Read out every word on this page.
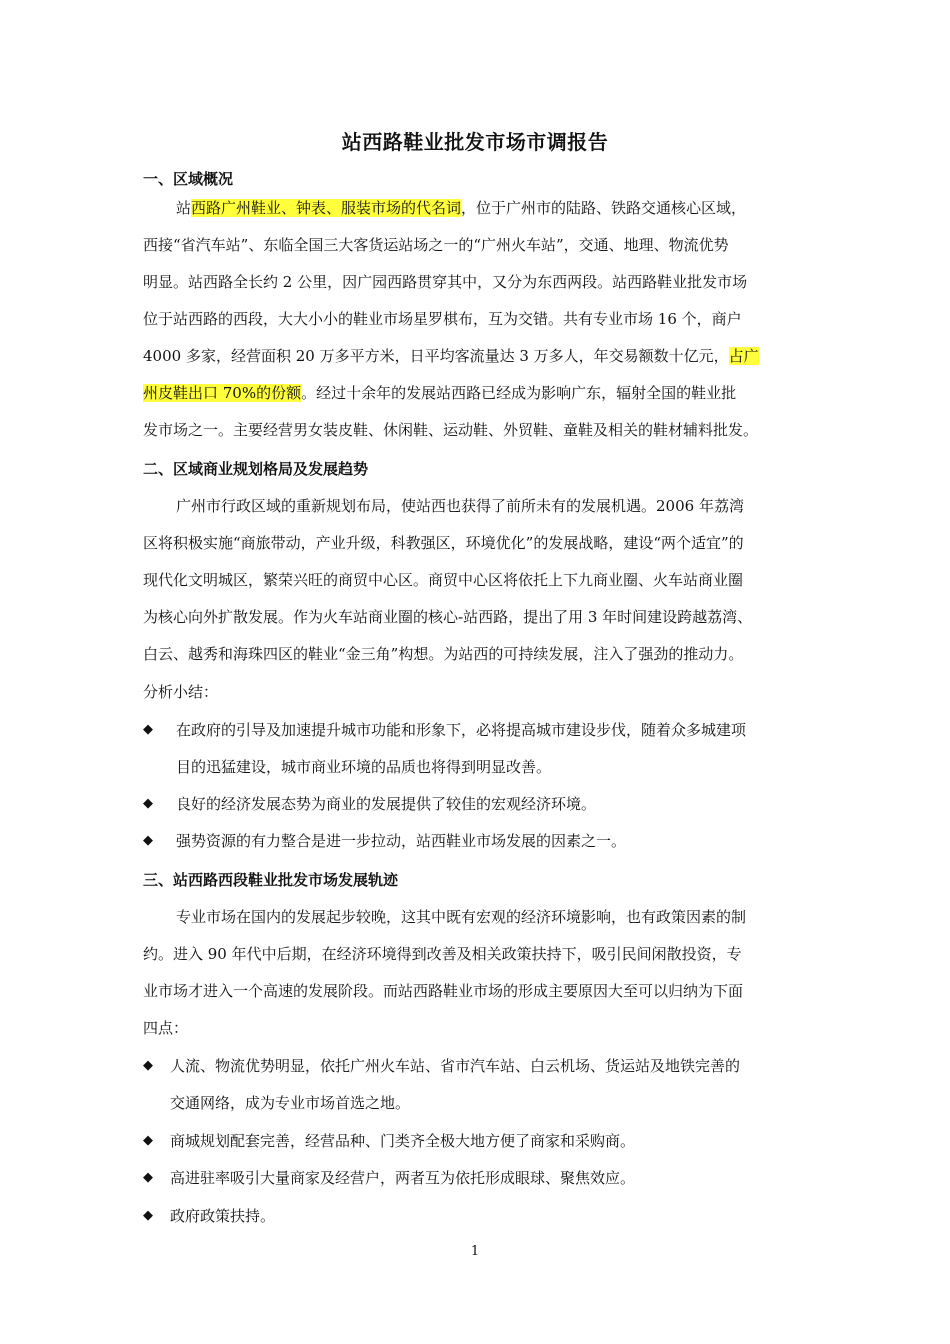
站西路鞋业批发市场市调报告
一、区域概况
站西路广州鞋业、钟表、服装市场的代名词，位于广州市的陆路、铁路交通核心区域，
西接“省汽车站”、东临全国三大客货运站场之一的“广州火车站”，交通、地理、物流优势
明显。站西路全长约 2 公里，因广园西路贯穿其中，又分为东西两段。站西路鞋业批发市场
位于站西路的西段，大大小小的鞋业市场星罗棋布，互为交错。共有专业市场 16 个，商户
4000 多家，经营面积 20 万多平方米，日平均客流量达 3 万多人，年交易额数十亿元，占广
州皮鞋出口 70%的份额。经过十余年的发展站西路已经成为影响广东，辐射全国的鞋业批
发市场之一。主要经营男女装皮鞋、休闲鞋、运动鞋、外贸鞋、童鞋及相关的鞋材辅料批发。
二、区域商业规划格局及发展趋势
广州市行政区域的重新规划布局，使站西也获得了前所未有的发展机遇。2006 年荔湾
区将积极实施“商旅带动，产业升级，科教强区，环境优化”的发展战略，建设“两个适宜”的
现代化文明城区，繁荣兴旺的商贸中心区。商贸中心区将依托上下九商业圈、火车站商业圈
为核心向外扩散发展。作为火车站商业圈的核心-站西路，提出了用 3 年时间建设跨越荔湾、
白云、越秀和海珠四区的鞋业“金三角”构想。为站西的可持续发展，注入了强劲的推动力。
分析小结：
◆ 在政府的引导及加速提升城市功能和形象下，必将提高城市建设步伐，随着众多城建项
目的迅猛建设，城市商业环境的品质也将得到明显改善。
◆ 良好的经济发展态势为商业的发展提供了较佳的宏观经济环境。
◆ 强势资源的有力整合是进一步拉动，站西鞋业市场发展的因素之一。
三、站西路西段鞋业批发市场发展轨迹
专业市场在国内的发展起步较晚，这其中既有宏观的经济环境影响，也有政策因素的制
约。进入 90 年代中后期，在经济环境得到改善及相关政策扶持下，吸引民间闲散投资，专
业市场才进入一个高速的发展阶段。而站西路鞋业市场的形成主要原因大至可以归纳为下面
四点：
◆ 人流、物流优势明显，依托广州火车站、省市汽车站、白云机场、货运站及地铁完善的
交通网络，成为专业市场首选之地。
◆ 商城规划配套完善，经营品种、门类齐全极大地方便了商家和采购商。
◆ 高进驻率吸引大量商家及经营户，两者互为依托形成眼球、聚焦效应。
◆ 政府政策扶持。
1
